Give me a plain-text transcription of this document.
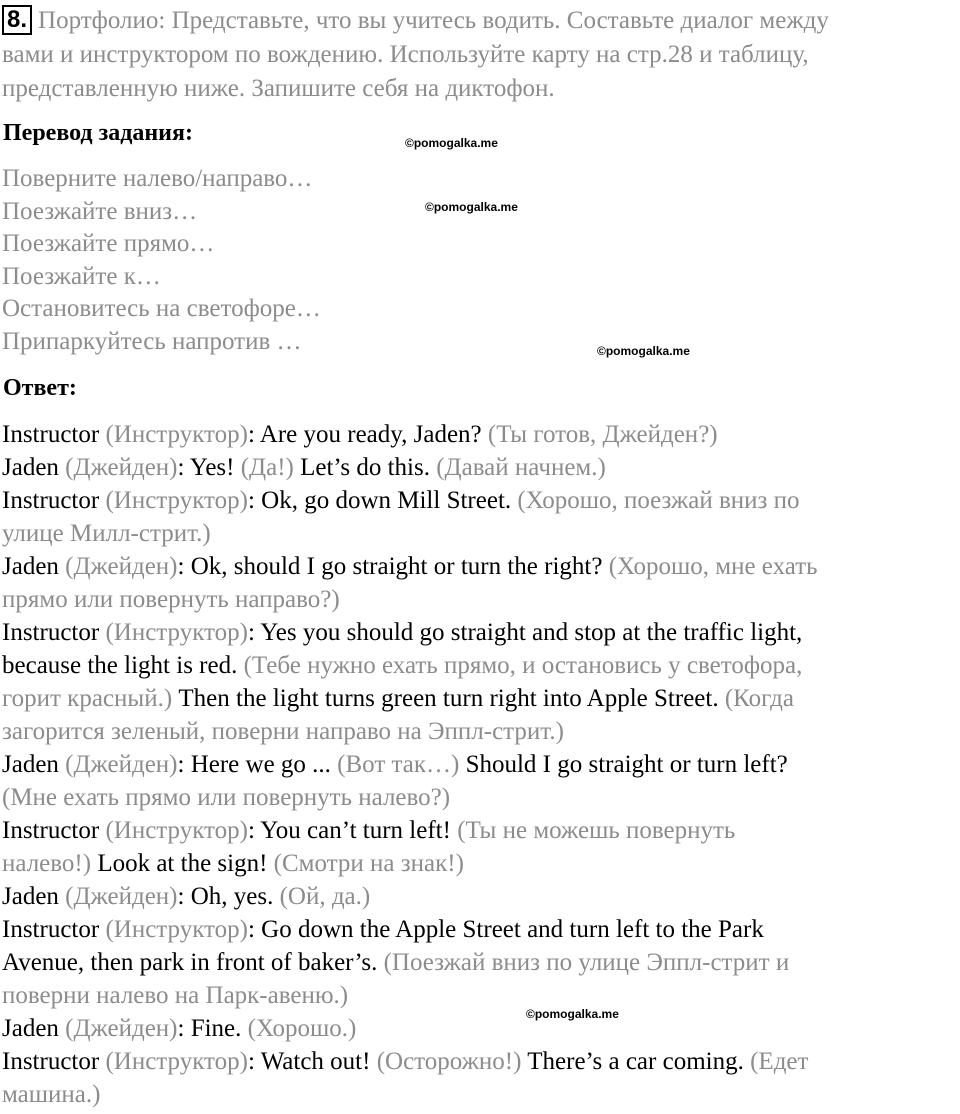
8. Портфолио: Представьте, что вы учитесь водить. Составьте диалог между
вами и инструктором по вождению. Используйте карту на стр.28 и таблицу,
представленную ниже. Запишите себя на диктофон.

Перевод задания:
Поверните налево/направо…
Поезжайте вниз…
Поезжайте прямо…
Поезжайте к…
Остановитесь на светофоре…
Припаркуйтесь напротив …
Ответ:
Instructor (Инструктор): Are you ready, Jaden? (Ты готов, Джейден?)
Jaden (Джейден): Yes! (Да!) Let’s do this. (Давай начнем.)
Instructor (Инструктор): Ok, go down Mill Street. (Хорошо, поезжай вниз по
улице Милл-стрит.)
Jaden (Джейден): Ok, should I go straight or turn the right? (Хорошо, мне ехать
прямо или повернуть направо?)
Instructor (Инструктор): Yes you should go straight and stop at the traffic light,
because the light is red. (Тебе нужно ехать прямо, и остановись у светофора,
горит красный.) Then the light turns green turn right into Apple Street. (Когда
загорится зеленый, поверни направо на Эппл-стрит.)
Jaden (Джейден): Here we go ... (Вот так…) Should I go straight or turn left?
(Мне ехать прямо или повернуть налево?)
Instructor (Инструктор): You can’t turn left! (Ты не можешь повернуть
налево!) Look at the sign! (Смотри на знак!)
Jaden (Джейден): Oh, yes. (Ой, да.)
Instructor (Инструктор): Go down the Apple Street and turn left to the Park
Avenue, then park in front of baker’s. (Поезжай вниз по улице Эппл-стрит и
поверни налево на Парк-авеню.)
Jaden (Джейден): Fine. (Хорошо.)
Instructor (Инструктор): Watch out! (Осторожно!) There’s a car coming. (Едет
машина.)
©pomogalka.me
©pomogalka.me
©pomogalka.me
©pomogalka.me
